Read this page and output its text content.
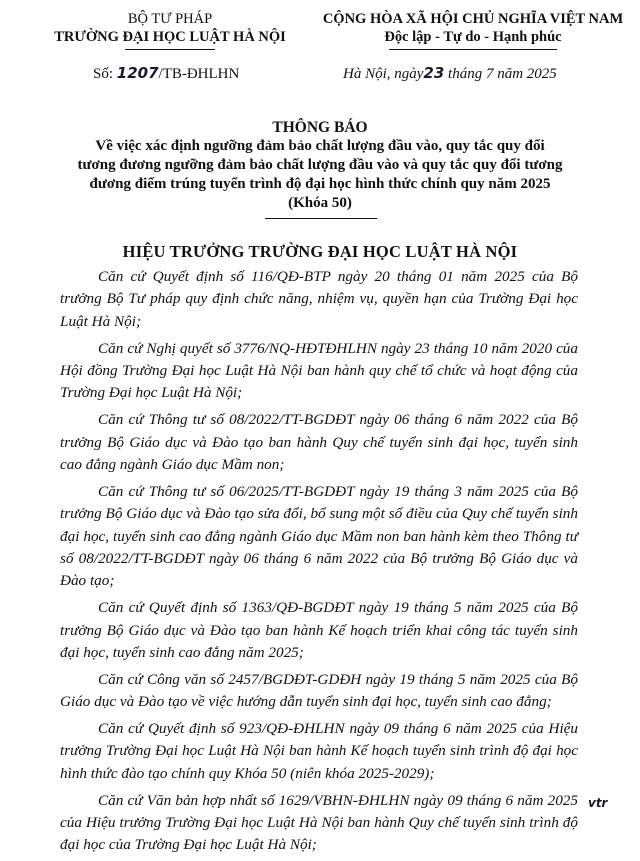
BỘ TƯ PHÁP
TRƯỜNG ĐẠI HỌC LUẬT HÀ NỘI
CỘNG HÒA XÃ HỘI CHỦ NGHĨA VIỆT NAM
Độc lập - Tự do - Hạnh phúc
Số: 1207/TB-ĐHLHN	Hà Nội, ngày23 tháng 7 năm 2025
THÔNG BÁO
Về việc xác định ngưỡng đảm bảo chất lượng đầu vào, quy tắc quy đổi
tương đương ngưỡng đảm bảo chất lượng đầu vào và quy tắc quy đổi tương
đương điểm trúng tuyển trình độ đại học hình thức chính quy năm 2025
(Khóa 50)
HIỆU TRƯỞNG TRƯỜNG ĐẠI HỌC LUẬT HÀ NỘI

Căn cứ Quyết định số 116/QĐ-BTP ngày 20 tháng 01 năm 2025 của Bộ trưởng Bộ Tư pháp quy định chức năng, nhiệm vụ, quyền hạn của Trường Đại học Luật Hà Nội;

Căn cứ Nghị quyết số 3776/NQ-HĐTĐHLHN ngày 23 tháng 10 năm 2020 của Hội đồng Trường Đại học Luật Hà Nội ban hành quy chế tổ chức và hoạt động của Trường Đại học Luật Hà Nội;

Căn cứ Thông tư số 08/2022/TT-BGDĐT ngày 06 tháng 6 năm 2022 của Bộ trưởng Bộ Giáo dục và Đào tạo ban hành Quy chế tuyển sinh đại học, tuyển sinh cao đẳng ngành Giáo dục Mầm non;

Căn cứ Thông tư số 06/2025/TT-BGDĐT ngày 19 tháng 3 năm 2025 của Bộ trưởng Bộ Giáo dục và Đào tạo sửa đổi, bổ sung một số điều của Quy chế tuyển sinh đại học, tuyển sinh cao đẳng ngành Giáo dục Mầm non ban hành kèm theo Thông tư số 08/2022/TT-BGDĐT ngày 06 tháng 6 năm 2022 của Bộ trưởng Bộ Giáo dục và Đào tạo;

Căn cứ Quyết định số 1363/QĐ-BGDĐT ngày 19 tháng 5 năm 2025 của Bộ trưởng Bộ Giáo dục và Đào tạo ban hành Kế hoạch triển khai công tác tuyển sinh đại học, tuyển sinh cao đẳng năm 2025;

Căn cứ Công văn số 2457/BGDĐT-GDĐH ngày 19 tháng 5 năm 2025 của Bộ Giáo dục và Đào tạo về việc hướng dẫn tuyển sinh đại học, tuyển sinh cao đẳng;

Căn cứ Quyết định số 923/QĐ-ĐHLHN ngày 09 tháng 6 năm 2025 của Hiệu trưởng Trường Đại học Luật Hà Nội ban hành Kế hoạch tuyển sinh trình độ đại học hình thức đào tạo chính quy Khóa 50 (niên khóa 2025-2029);

Căn cứ Văn bản hợp nhất số 1629/VBHN-ĐHLHN ngày 09 tháng 6 năm 2025 của Hiệu trưởng Trường Đại học Luật Hà Nội ban hành Quy chế tuyển sinh trình độ đại học của Trường Đại học Luật Hà Nội;

vtr
